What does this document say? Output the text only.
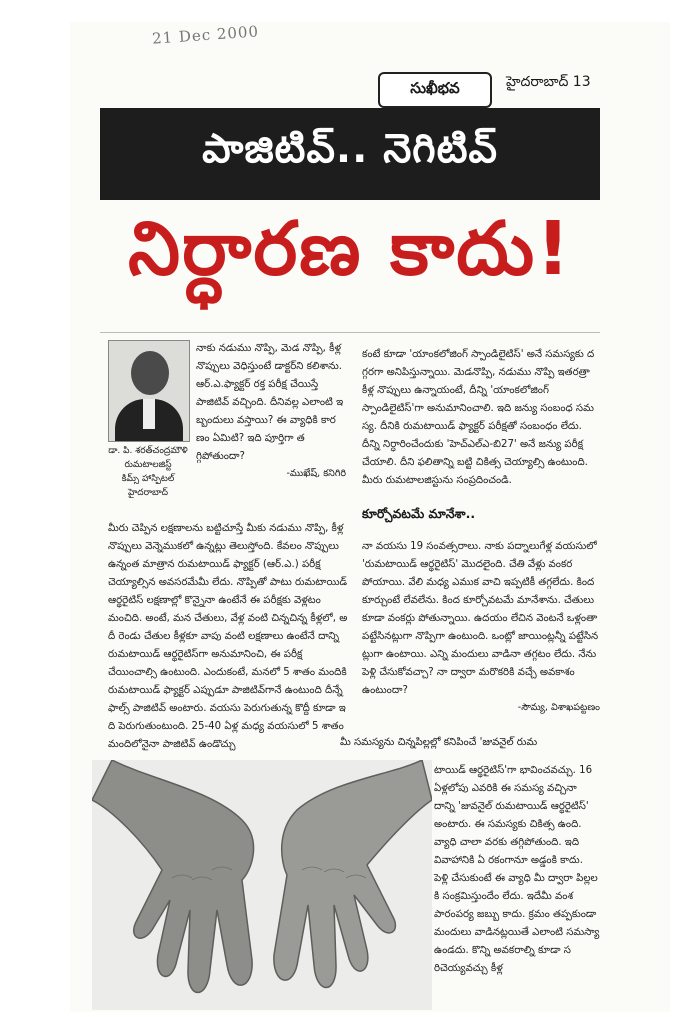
21 Dec 2000
సుఖీభవ	హైదరాబాద్ 13
పాజిటివ్.. నెగిటివ్
నిర్ధారణ కాదు!
డా. పి. శరత్‌చంద్రమౌళి
రుమటాలజిస్ట్
కిమ్స్ హాస్పిటల్
హైదరాబాద్

నాకు నడుము నొప్పి, మెడ నొప్పి, కీళ్ల నొప్పులు వెధిస్తుంటే డాక్టర్‌ని కలిశాను. ఆర్.ఎ.ఫ్యాక్టర్ రక్త పరీక్ష చేయిస్తే పాజిటివ్ వచ్చింది. దీనివల్ల ఎలాంటి ఇబ్బందులు వస్తాయి? ఈ వ్యాధికి కారణం ఏమిటి? ఇది పూర్తిగా తగ్గిపోతుందా?

-ముఖేష్, కనిగిరి

మీరు చెప్పిన లక్షణాలను బట్టిచూస్తే మీకు నడుము నొప్పి, కీళ్ల నొప్పులు వెన్నెముకలో ఉన్నట్లు తెలుస్తోంది. కేవలం నొప్పులు ఉన్నంత మాత్రాన రుమటాయిడ్ ఫ్యాక్టర్ (ఆర్.ఎ.) పరీక్ష చెయ్యాల్సిన అవసరమేమీ లేదు. నొప్పితో పాటు రుమటాయిడ్ ఆర్థరైటిస్ లక్షణాల్లో కొన్నైనా ఉంటేనే ఈ పరీక్షకు వెళ్లటం మంచిది. అంటే, మన చేతులు, వేళ్ల వంటి చిన్నచిన్న కీళ్లలో, అదీ రెండు చేతుల కీళ్లకూ వాపు వంటి లక్షణాలు ఉంటేనే దాన్ని రుమటాయిడ్ ఆర్థరైటిస్‌గా అనుమానించి, ఈ పరీక్ష చేయించాల్సి ఉంటుంది. ఎందుకంటే, మనలో 5 శాతం మందికి రుమటాయిడ్ ఫ్యాక్టర్ ఎప్పుడూ పాజిటివ్‌గానే ఉంటుంది దీన్నే ఫాల్స్ పాజిటివ్ అంటారు. వయసు పెరుగుతున్న కొద్దీ కూడా ఇది పెరుగుతుంటుంది. 25-40 ఏళ్ల మధ్య వయసులో 5 శాతం మందిలోనైనా పాజిటివ్ ఉండొచ్చు

కంటే కూడా 'యాంకలోజింగ్ స్పాండిలైటిస్' అనే సమస్యకు దగ్గరగా అనిపిస్తున్నాయి. మెడనొప్పి, నడుము నొప్పి ఇతరత్రా కీళ్ల నొప్పులు ఉన్నాయంటే, దీన్ని 'యాంకలోజింగ్ స్పాండిలైటిస్'గా అనుమానించాలి. ఇది జన్యు సంబంధ సమస్య. దీనికి రుమటాయిడ్ ఫ్యాక్టర్ పరీక్షతో సంబంధం లేదు. దీన్ని నిర్ధారించేందుకు 'హెచ్‌ఎల్‌ఎ-బి27' అనే జన్యు పరీక్ష చేయాలి. దీని ఫలితాన్ని బట్టి చికిత్స చెయ్యాల్సి ఉంటుంది. మీరు రుమటాలజిస్టును సంప్రదించండి.

కూర్చోవటమే మానేశా..

నా వయసు 19 సంవత్సరాలు. నాకు పద్నాలుగేళ్ల వయసులో 'రుమటాయిడ్ ఆర్థరైటిస్' మొదలైంది. చేతి వేళ్లు వంకరపోయాయి. వేలి మధ్య ఎముక వాచి ఇప్పటికీ తగ్గలేదు. కింద కూర్చుంటే లేవలేను. కింద కూర్చోవటమే మానేశాను. చేతులు కూడా వంకర్లు పోతున్నాయి. ఉదయం లేచిన వెంటనే ఒళ్లంతా పట్టేసినట్లుగా నొప్పిగా ఉంటుంది. ఒంట్లో జాయింట్లన్నీ పట్టేసినట్లుగా ఉంటాయి. ఎన్ని మందులు వాడినా తగ్గటం లేదు. నేను పెళ్లి చేసుకోవచ్చా? నా ద్వారా మరొకరికి వచ్చే అవకాశం ఉంటుందా?

-సౌమ్య, విశాఖపట్టణం

మీ సమస్యను చిన్నపిల్లల్లో కనిపించే 'జువనైల్ రుమ

టాయిడ్ ఆర్థరైటిస్'గా భావించవచ్చు. 16 ఏళ్లలోపు ఎవరికి ఈ సమస్య వచ్చినా దాన్ని 'జువనైల్ రుమటాయిడ్ ఆర్థరైటిస్' అంటారు. ఈ సమస్యకు చికిత్స ఉంది. వ్యాధి చాలా వరకు తగ్గిపోతుంది. ఇది వివాహానికి ఏ రకంగానూ అడ్డంకి కాదు. పెళ్లి చేసుకుంటే ఈ వ్యాధి మీ ద్వారా పిల్లలకి సంక్రమిస్తుందేం లేదు. ఇదేమీ వంశపారంపర్య జబ్బు కాదు. క్రమం తప్పకుండా మందులు వాడినట్లయితే ఎలాంటి సమస్యా ఉండదు. కొన్ని అవకరాల్ని కూడా సరిచెయ్యవచ్చు కీళ్ల
